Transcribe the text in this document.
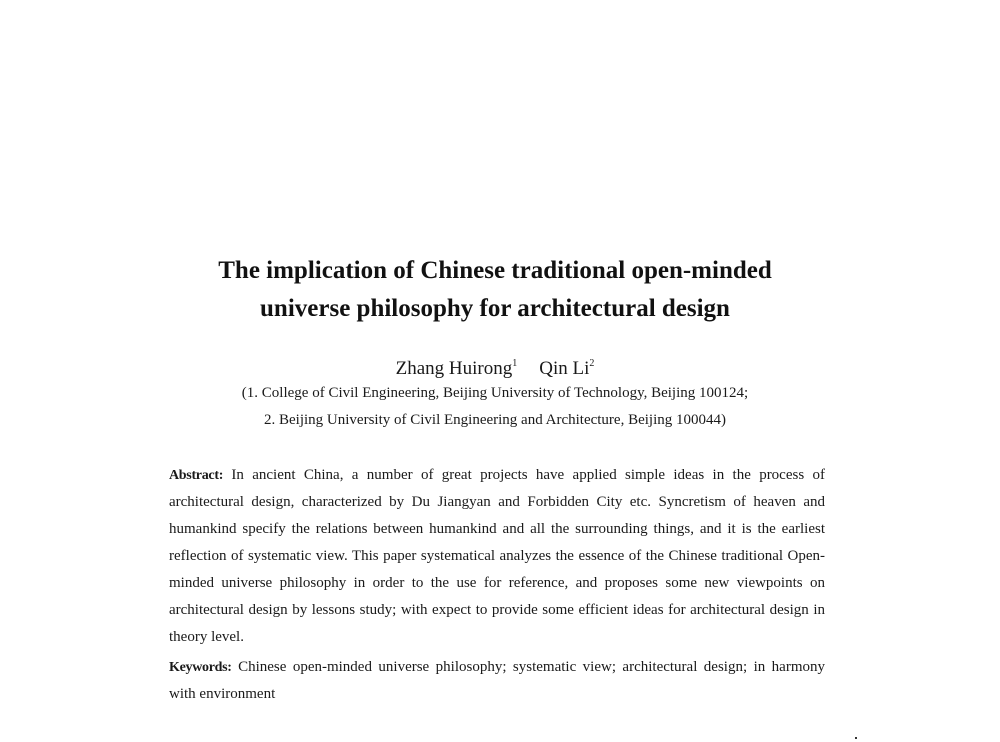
The implication of Chinese traditional open-minded
universe philosophy for architectural design
Zhang Huirong$^1$ Qin Li$^2$
(1. College of Civil Engineering, Beijing University of Technology, Beijing 100124;
2. Beijing University of Civil Engineering and Architecture, Beijing 100044)
Abstract: In ancient China, a number of great projects have applied simple ideas in the process of architectural design, characterized by Du Jiangyan and Forbidden City etc. Syncretism of heaven and humankind specify the relations between humankind and all the surrounding things, and it is the earliest reflection of systematic view. This paper systematical analyzes the essence of the Chinese traditional Open-minded universe philosophy in order to the use for reference, and proposes some new viewpoints on architectural design by lessons study; with expect to provide some efficient ideas for architectural design in theory level.
Keywords: Chinese open-minded universe philosophy; systematic view; architectural design; in harmony with environment
